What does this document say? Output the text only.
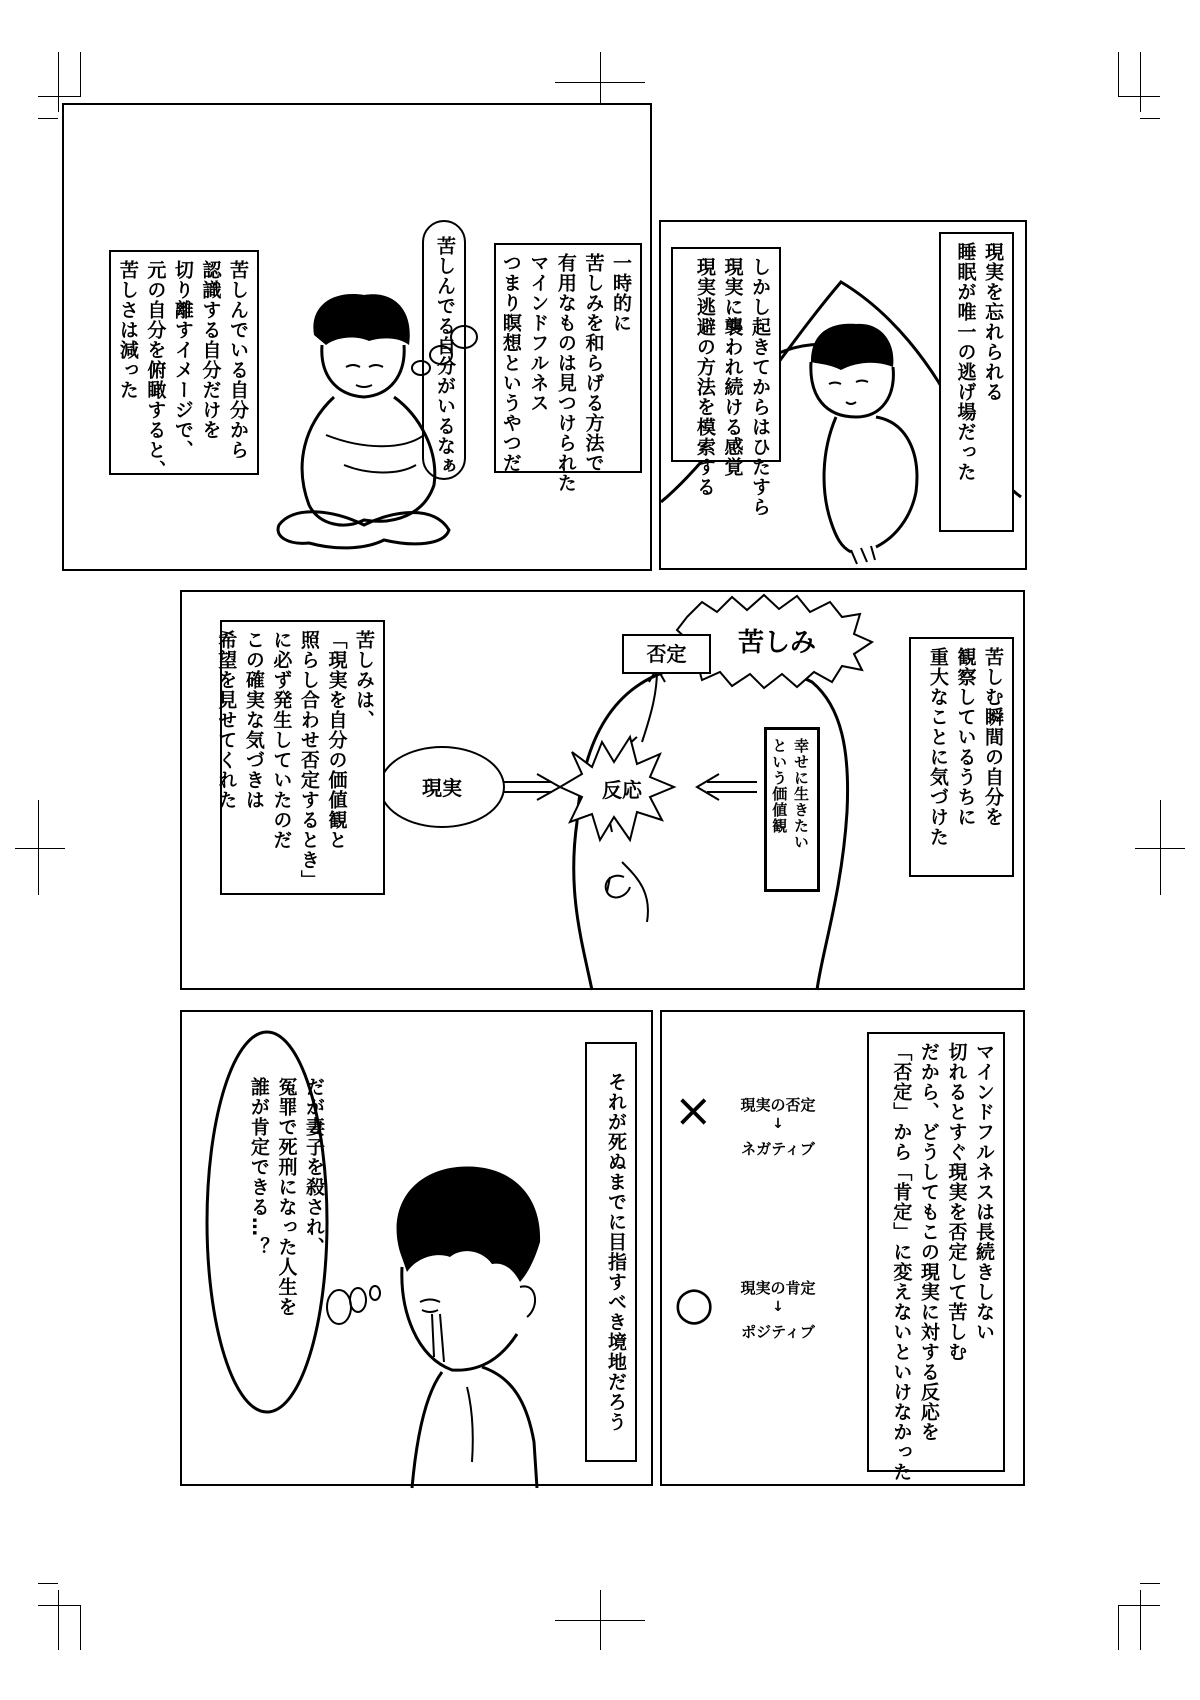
苦しんでいる自分から
認識する自分だけを
切り離すイメージで、
元の自分を俯瞰すると、
苦しさは減った	苦しんでる自分がいるなぁ	一時的に
苦しみを和らげる方法で
有用なものは見つけられた
マインドフルネス
つまり瞑想というやつだ	しかし起きてからはひたすら
現実に襲われ続ける感覚
現実逃避の方法を模索する	現実を忘れられる
睡眠が唯一の逃げ場だった
苦しみは、
「現実を自分の価値観と
照らし合わせ否定するとき」
に必ず発生していたのだ
この確実な気づきは
希望を見せてくれた	現実	反応
否定	苦しみ
幸せに生きたい
という価値観	苦しむ瞬間の自分を
観察しているうちに
重大なことに気づけた
だが妻子を殺され、
冤罪で死刑になった人生を
誰が肯定できる…？	それが死ぬまでに目指すべき境地だろう ×	現実の否定
↓
ネガティブ
○	現実の肯定
↓
ポジティブ	マインドフルネスは長続きしない
切れるとすぐ現実を否定して苦しむ
だから、どうしてもこの現実に対する反応を
「否定」から「肯定」に変えないといけなかった
